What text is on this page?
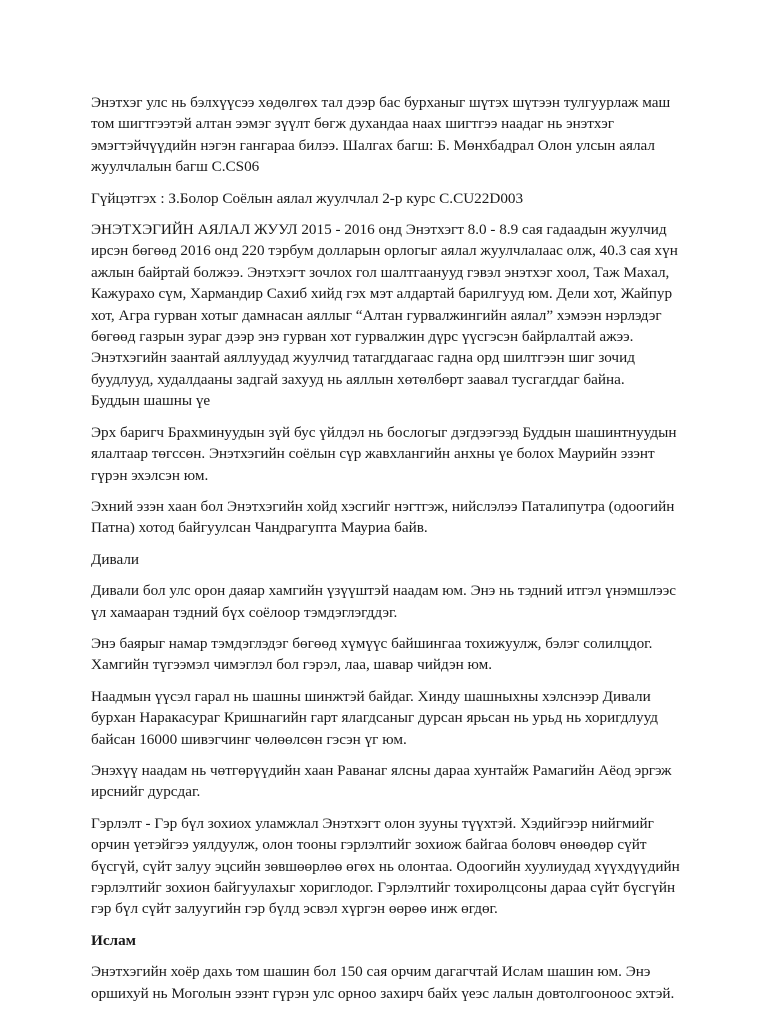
Энэтхэг улс нь бэлхүүсээ хөдөлгөх тал дээр бас бурханыг шүтэх шүтээн тулгуурлаж маш
том шигтгээтэй алтан ээмэг зүүлт бөгж духандаа наах шигтгээ наадаг нь энэтхэг
эмэгтэйчүүдийн нэгэн гангараа билээ. Шалгах багш: Б. Мөнхбадрал Олон улсын аялал
жуулчлалын багш С.CS06

Гүйцэтгэх : З.Болор Соёлын аялал жуулчлал 2-р курс С.CU22D003

ЭНЭТХЭГИЙН АЯЛАЛ ЖУУЛ 2015 - 2016 онд Энэтхэгт 8.0 - 8.9 сая гадаадын жуулчид
ирсэн бөгөөд 2016 онд 220 тэрбум долларын орлогыг аялал жуулчлалаас олж, 40.3 сая хүн
ажлын байртай болжээ. Энэтхэгт зочлох гол шалтгаанууд гэвэл энэтхэг хоол, Таж Махал,
Кажурахо сүм, Хармандир Сахиб хийд гэх мэт алдартай барилгууд юм. Дели хот, Жайпур
хот, Агра гурван хотыг дамнасан аяллыг “Алтан гурвалжингийн аялал” хэмээн нэрлэдэг
бөгөөд газрын зураг дээр энэ гурван хот гурвалжин дүрс үүсгэсэн байрлалтай ажээ.
Энэтхэгийн заантай аяллуудад жуулчид татагддагаас гадна орд шилтгээн шиг зочид
буудлууд, худалдааны задгай захууд нь аяллын хөтөлбөрт заавал тусгагддаг байна.
Буддын шашны үе

Эрх баригч Брахминуудын зүй бус үйлдэл нь бослогыг дэгдээгээд Буддын шашинтнуудын
ялалтаар төгссөн. Энэтхэгийн соёлын сүр жавхлангийн анхны үе болох Маурийн эзэнт
гүрэн эхэлсэн юм.

Эхний эзэн хаан бол Энэтхэгийн хойд хэсгийг нэгтгэж, нийслэлээ Паталипутра (одоогийн
Патна) хотод байгуулсан Чандрагупта Мауриа байв.

Дивали

Дивали бол улс орон даяар хамгийн үзүүштэй наадам юм. Энэ нь тэдний итгэл үнэмшлээс
үл хамааран тэдний бүх соёлоор тэмдэглэгддэг.

Энэ баярыг намар тэмдэглэдэг бөгөөд хүмүүс байшингаа тохижуулж, бэлэг солилцдог.
Хамгийн түгээмэл чимэглэл бол гэрэл, лаа, шавар чийдэн юм.

Наадмын үүсэл гарал нь шашны шинжтэй байдаг. Хинду шашныхны хэлснээр Дивали
бурхан Наракасураг Кришнагийн гарт ялагдсаныг дурсан ярьсан нь урьд нь хоригдлууд
байсан 16000 шивэгчинг чөлөөлсөн гэсэн үг юм.

Энэхүү наадам нь чөтгөрүүдийн хаан Раванаг ялсны дараа хунтайж Рамагийн Аёод эргэж
ирснийг дурсдаг.

Гэрлэлт - Гэр бүл зохиох уламжлал Энэтхэгт олон зууны түүхтэй. Хэдийгээр нийгмийг
орчин үетэйгээ уялдуулж, олон тооны гэрлэлтийг зохиож байгаа боловч өнөөдөр сүйт
бүсгүй, сүйт залуу эцсийн зөвшөөрлөө өгөх нь олонтаа. Одоогийн хуулиудад хүүхдүүдийн
гэрлэлтийг зохион байгуулахыг хориглодог. Гэрлэлтийг тохиролцсоны дараа сүйт бүсгүйн
гэр бүл сүйт залуугийн гэр бүлд эсвэл хүргэн өөрөө инж өгдөг.

Ислам

Энэтхэгийн хоёр дахь том шашин бол 150 сая орчим дагагчтай Ислам шашин юм. Энэ
оршихуй нь Моголын эзэнт гүрэн улс орноо захирч байх үеэс лалын довтолгооноос эхтэй.
